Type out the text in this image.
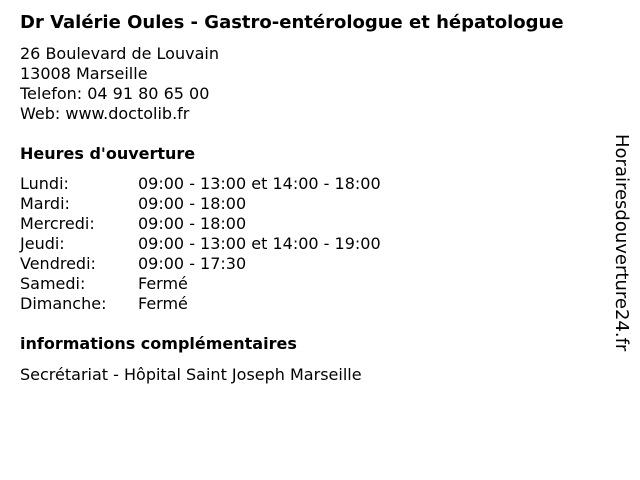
Dr Valérie Oules - Gastro-entérologue et hépatologue
26 Boulevard de Louvain
13008 Marseille
Telefon: 04 91 80 65 00
Web: www.doctolib.fr
Heures d'ouverture
Lundi:	09:00 - 13:00 et 14:00 - 18:00
Mardi:	09:00 - 18:00
Mercredi:	09:00 - 18:00
Jeudi:	09:00 - 13:00 et 14:00 - 19:00
Vendredi:	09:00 - 17:30
Samedi:	Fermé
Dimanche: Fermé
informations complémentaires
Secrétariat - Hôpital Saint Joseph Marseille
Horairesdouverture24.fr
